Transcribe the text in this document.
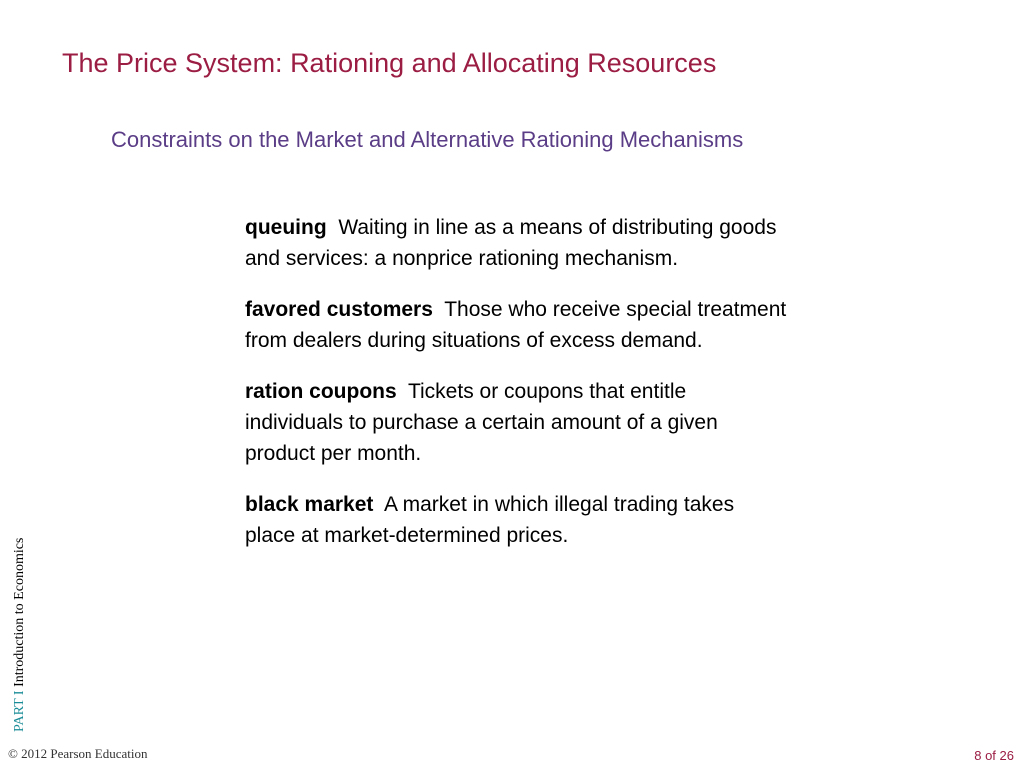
The Price System: Rationing and Allocating Resources
Constraints on the Market and Alternative Rationing Mechanisms

queuing Waiting in line as a means of distributing goods and services: a nonprice rationing mechanism.

favored customers Those who receive special treatment from dealers during situations of excess demand.

ration coupons Tickets or coupons that entitle individuals to purchase a certain amount of a given product per month.

black market A market in which illegal trading takes place at market-determined prices.

PART I Introduction to Economics
© 2012 Pearson Education	8 of 26
